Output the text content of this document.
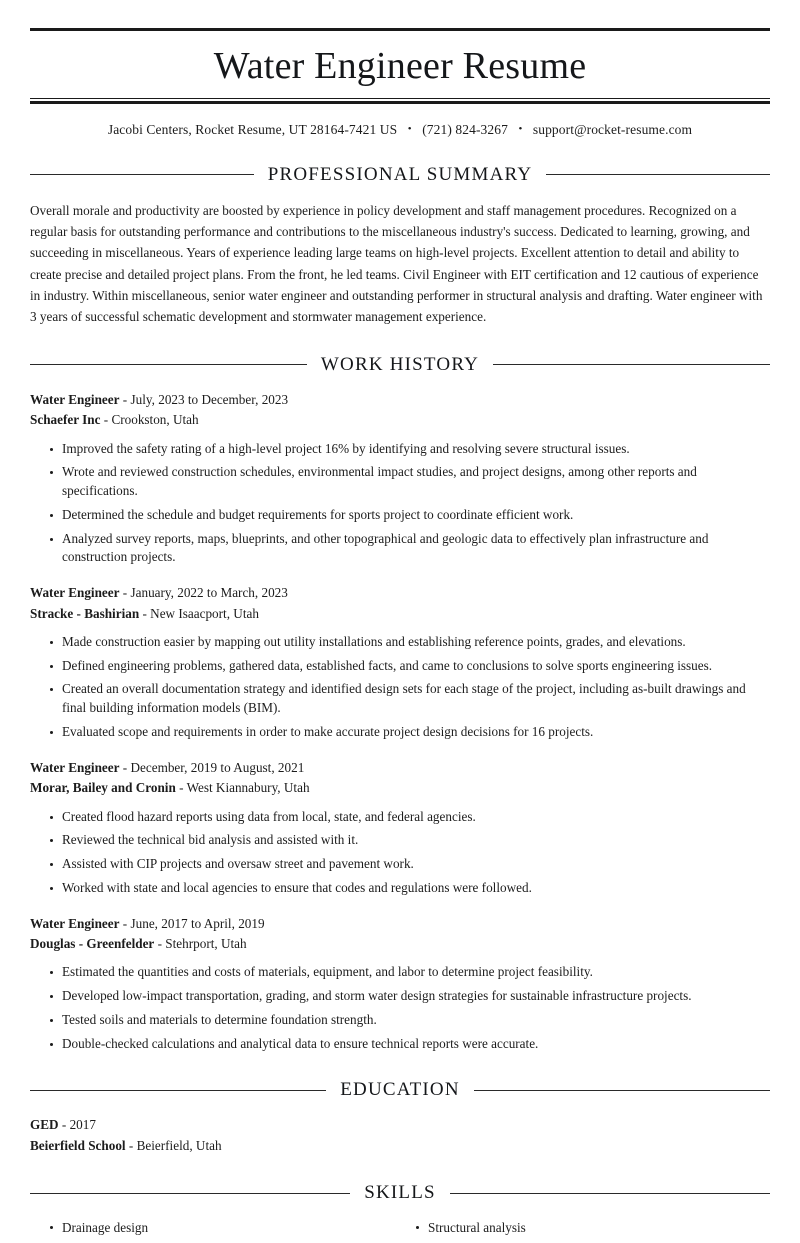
Water Engineer Resume
Jacobi Centers, Rocket Resume, UT 28164-7421 US • (721) 824-3267 • support@rocket-resume.com
PROFESSIONAL SUMMARY

Overall morale and productivity are boosted by experience in policy development and staff management procedures. Recognized on a regular basis for outstanding performance and contributions to the miscellaneous industry's success. Dedicated to learning, growing, and succeeding in miscellaneous. Years of experience leading large teams on high-level projects. Excellent attention to detail and ability to create precise and detailed project plans. From the front, he led teams. Civil Engineer with EIT certification and 12 cautious of experience in industry. Within miscellaneous, senior water engineer and outstanding performer in structural analysis and drafting. Water engineer with 3 years of successful schematic development and stormwater management experience.

WORK HISTORY
Water Engineer - July, 2023 to December, 2023
Schaefer Inc - Crookston, Utah
Improved the safety rating of a high-level project 16% by identifying and resolving severe structural issues.
Wrote and reviewed construction schedules, environmental impact studies, and project designs, among other reports and specifications.
Determined the schedule and budget requirements for sports project to coordinate efficient work.
Analyzed survey reports, maps, blueprints, and other topographical and geologic data to effectively plan infrastructure and construction projects.
Water Engineer - January, 2022 to March, 2023
Stracke - Bashirian - New Isaacport, Utah
Made construction easier by mapping out utility installations and establishing reference points, grades, and elevations.
Defined engineering problems, gathered data, established facts, and came to conclusions to solve sports engineering issues.
Created an overall documentation strategy and identified design sets for each stage of the project, including as-built drawings and final building information models (BIM).
Evaluated scope and requirements in order to make accurate project design decisions for 16 projects.
Water Engineer - December, 2019 to August, 2021
Morar, Bailey and Cronin - West Kiannabury, Utah
Created flood hazard reports using data from local, state, and federal agencies.
Reviewed the technical bid analysis and assisted with it.
Assisted with CIP projects and oversaw street and pavement work.
Worked with state and local agencies to ensure that codes and regulations were followed.
Water Engineer - June, 2017 to April, 2019
Douglas - Greenfelder - Stehrport, Utah
Estimated the quantities and costs of materials, equipment, and labor to determine project feasibility.
Developed low-impact transportation, grading, and storm water design strategies for sustainable infrastructure projects.
Tested soils and materials to determine foundation strength.
Double-checked calculations and analytical data to ensure technical reports were accurate.
EDUCATION
GED - 2017
Beierfield School - Beierfield, Utah
SKILLS
Drainage design	Structural analysis
